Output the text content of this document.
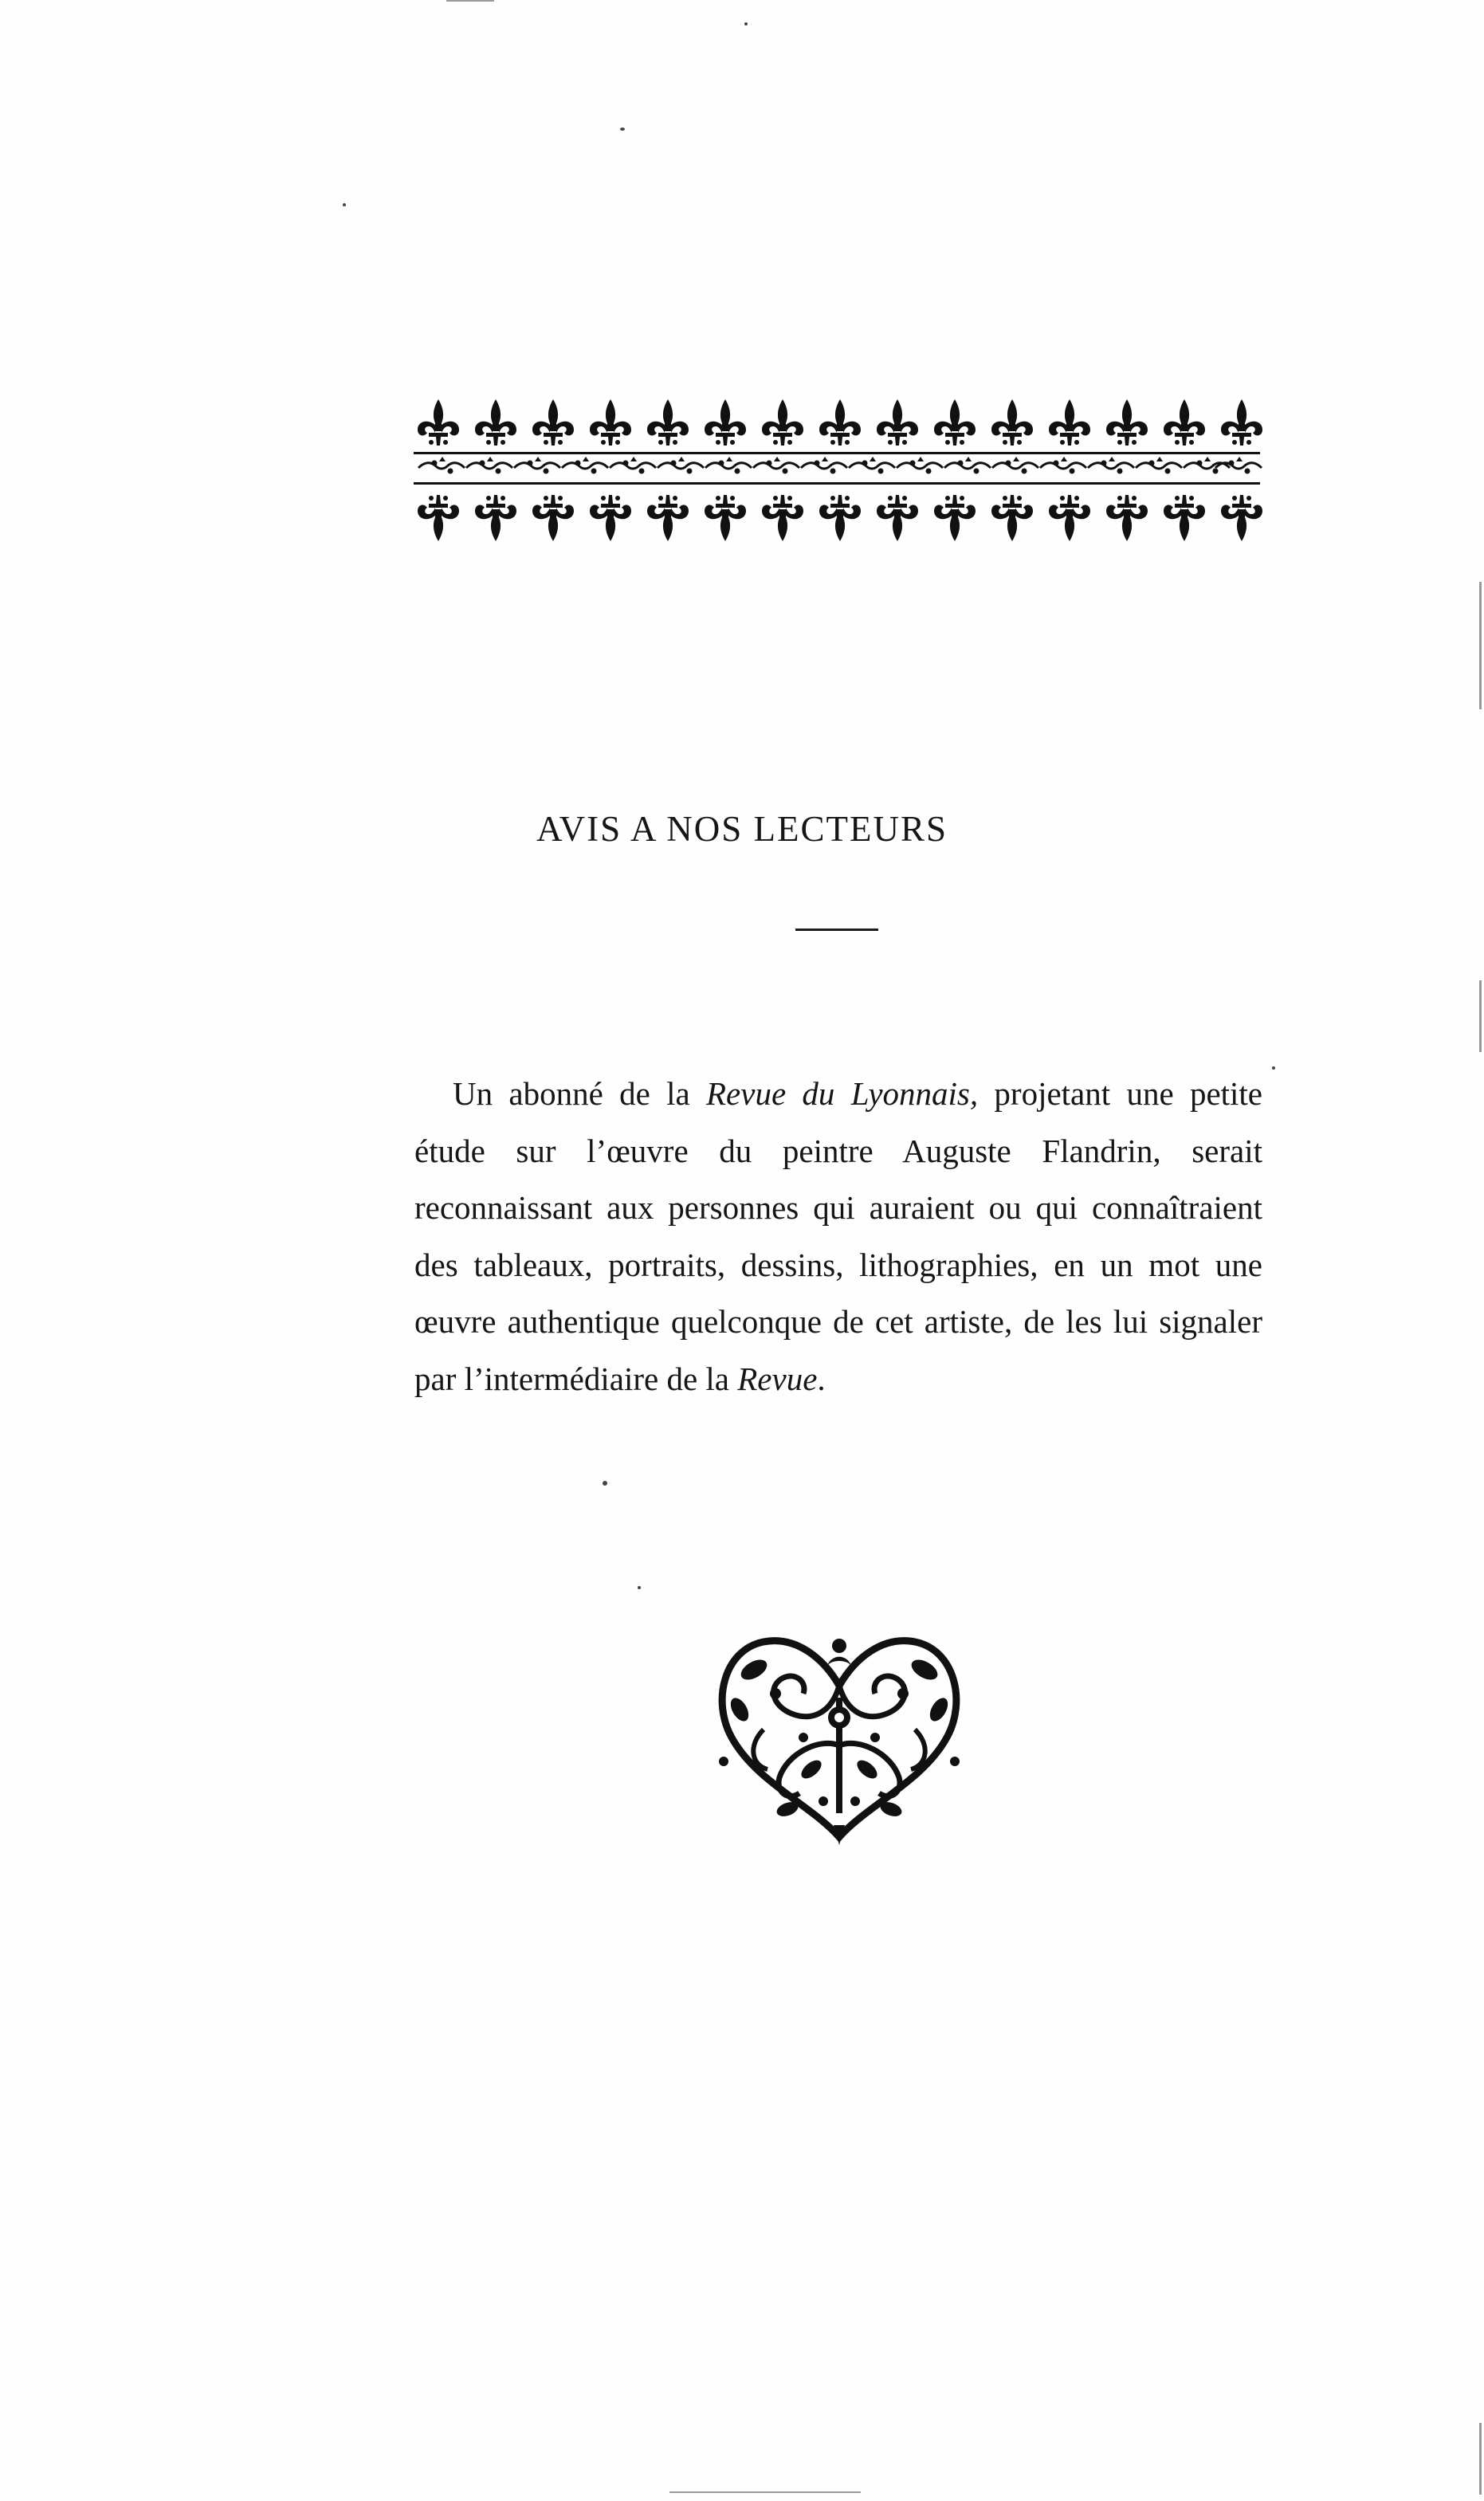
AVIS A NOS LECTEURS

Un abonné de la Revue du Lyonnais, projetant une petite étude sur l’œuvre du peintre Auguste Flandrin, serait reconnaissant aux personnes qui auraient ou qui connaîtraient des tableaux, portraits, dessins, lithographies, en un mot une œuvre authentique quelconque de cet artiste, de les lui signaler par l’intermédiaire de la Revue.
